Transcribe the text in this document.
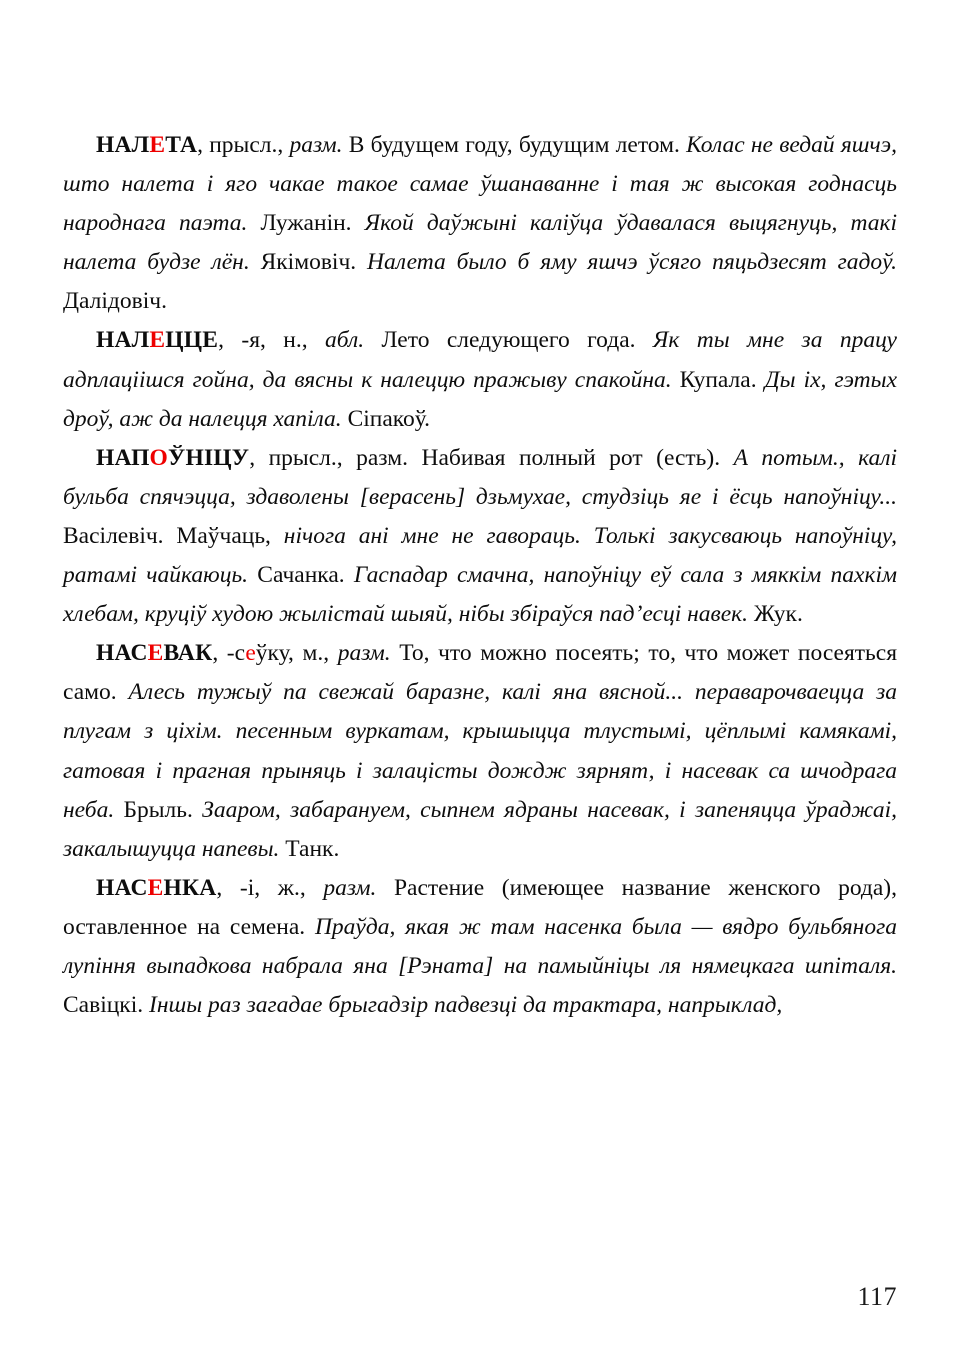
НАЛЕТА, прысл., разм. В будущем году, будущим летом. Колас не ведай яшчэ, што налета і яго чакае такое самае ўшанаванне і тая ж высокая годнасць народнага паэта. Лужанін. Якой даўжыні каліўца ўдавалася выцягнуць, такі налета будзе лён. Якімовіч. Налета было б яму яшчэ ўсяго пяцьдзесят гадоў. Далідовіч.

НАЛЕЦЦЕ, -я, н., абл. Лето следующего года. Як ты мне за працу адплаціішся гойна, да вясны к налеццю пражыву спакойна. Купала. Ды іх, гэтых дроў, аж да налецця хапіла. Сіпакоў.

НАПОЎНІЦУ, прысл., разм. Набивая полный рот (есть). А потым., калі бульба спячэцца, здаволены [верасень] дзьмухае, студзіць яе і ёсць напоўніцу... Васілевіч. Маўчаць, нічога ані мне не гавораць. Толькі закусваюць напоўніцу, ратамі чайкаюць. Сачанка. Гаспадар смачна, напоўніцу еў сала з мяккім пахкім хлебам, круціў худою жылістай шыяй, нібы збіраўся пад’есці навек. Жук.

НАСЕВАК, -сеўку, м., разм. То, что можно посеять; то, что может посеяться само. Алесь тужыў па свежай баразне, калі яна вясной... пераварочваецца за плугам з ціхім. песенным вуркатам, крышыцца тлустымі, цёплымі камякамі, гатовая і прагная прыняць і залацісты дождж зярнят, і насевак са шчодрага неба. Брыль. Зааром, забарануем, сыпнем ядраны насевак, і запеняцца ўраджаі, закалышуцца напевы. Танк.

НАСЕНКА, -і, ж., разм. Растение (имеющее название женского рода), оставленное на семена. Праўда, якая ж там насенка была — вядро бульбянога лупіння выпадкова набрала яна [Рэната] на памыйніцы ля нямецкага шпіталя. Савіцкі. Іншы раз загадае брыгадзір падвезці да трактара, напрыклад,

117
